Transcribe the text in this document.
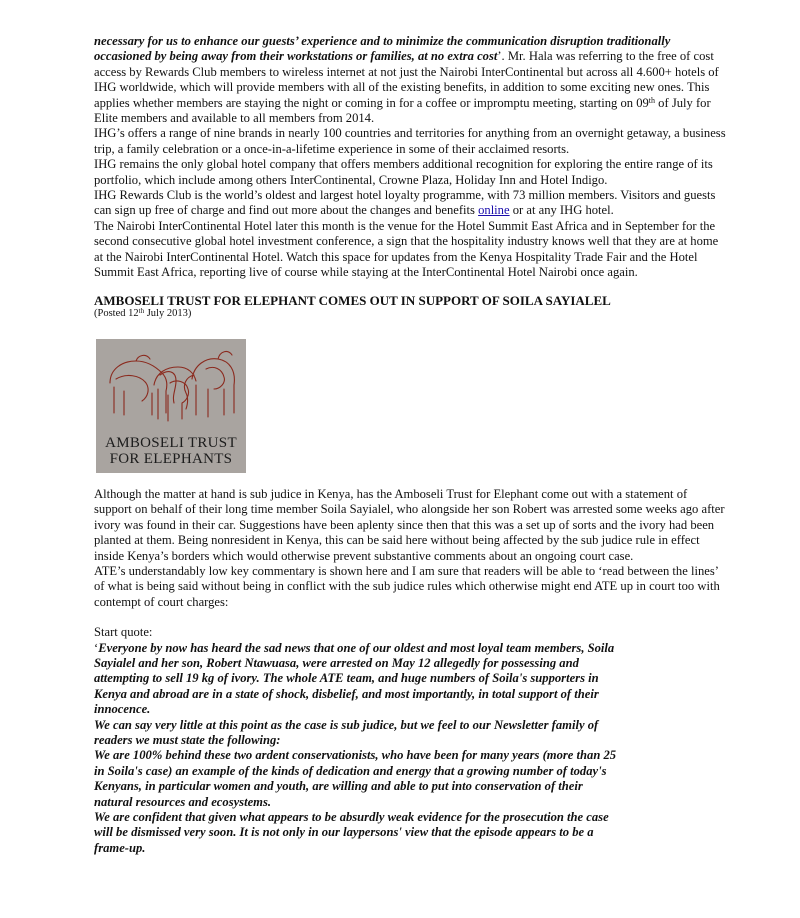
necessary for us to enhance our guests’ experience and to minimize the communication disruption traditionally occasioned by being away from their workstations or families, at no extra cost’. Mr. Hala was referring to the free of cost access by Rewards Club members to wireless internet at not just the Nairobi InterContinental but across all 4.600+ hotels of IHG worldwide, which will provide members with all of the existing benefits, in addition to some exciting new ones. This applies whether members are staying the night or coming in for a coffee or impromptu meeting, starting on 09th of July for Elite members and available to all members from 2014.

IHG’s offers a range of nine brands in nearly 100 countries and territories for anything from an overnight getaway, a business trip, a family celebration or a once-in-a-lifetime experience in some of their acclaimed resorts.

IHG remains the only global hotel company that offers members additional recognition for exploring the entire range of its portfolio, which include among others InterContinental, Crowne Plaza, Holiday Inn and Hotel Indigo.

IHG Rewards Club is the world’s oldest and largest hotel loyalty programme, with 73 million members. Visitors and guests can sign up free of charge and find out more about the changes and benefits online or at any IHG hotel.

The Nairobi InterContinental Hotel later this month is the venue for the Hotel Summit East Africa and in September for the second consecutive global hotel investment conference, a sign that the hospitality industry knows well that they are at home at the Nairobi InterContinental Hotel. Watch this space for updates from the Kenya Hospitality Trade Fair and the Hotel Summit East Africa, reporting live of course while staying at the InterContinental Hotel Nairobi once again.

AMBOSELI TRUST FOR ELEPHANT COMES OUT IN SUPPORT OF SOILA SAYIALEL

(Posted 12th July 2013)

AMBOSELI TRUST
FOR ELEPHANTS

Although the matter at hand is sub judice in Kenya, has the Amboseli Trust for Elephant come out with a statement of support on behalf of their long time member Soila Sayialel, who alongside her son Robert was arrested some weeks ago after ivory was found in their car. Suggestions have been aplenty since then that this was a set up of sorts and the ivory had been planted at them. Being nonresident in Kenya, this can be said here without being affected by the sub judice rule in effect inside Kenya’s borders which would otherwise prevent substantive comments about an ongoing court case.

ATE’s understandably low key commentary is shown here and I am sure that readers will be able to ‘read between the lines’ of what is being said without being in conflict with the sub judice rules which otherwise might end ATE up in court too with contempt of court charges:

Start quote:

‘Everyone by now has heard the sad news that one of our oldest and most loyal team members, Soila Sayialel and her son, Robert Ntawuasa, were arrested on May 12 allegedly for possessing and attempting to sell 19 kg of ivory. The whole ATE team, and huge numbers of Soila's supporters in Kenya and abroad are in a state of shock, disbelief, and most importantly, in total support of their innocence.

We can say very little at this point as the case is sub judice, but we feel to our Newsletter family of readers we must state the following:

We are 100% behind these two ardent conservationists, who have been for many years (more than 25 in Soila's case) an example of the kinds of dedication and energy that a growing number of today's Kenyans, in particular women and youth, are willing and able to put into conservation of their natural resources and ecosystems.

We are confident that given what appears to be absurdly weak evidence for the prosecution the case will be dismissed very soon. It is not only in our laypersons' view that the episode appears to be a frame-up.
